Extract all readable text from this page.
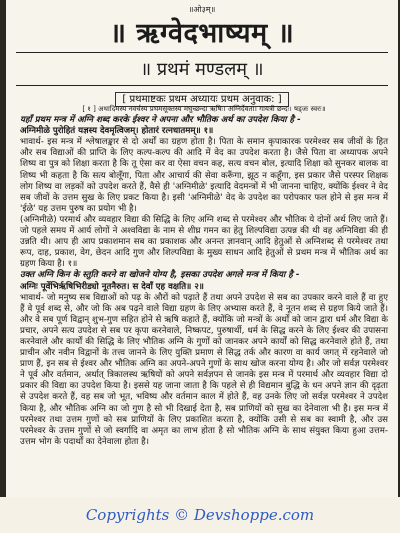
॥ओ३म्॥
॥ ऋग्वेदभाष्यम् ॥
॥ प्रथमं मण्डलम् ॥
[ प्रथमाष्टकः प्रथम अध्यायः प्रथम अनुवाक: ]

[ १ ] अथादिमस्य नवर्चस्य प्रथमसूक्तस्य मधुच्छन्दा ऋषिः। अग्निर्देवता। गायत्री छन्दः। षड्जः स्वरः॥

यहाँ प्रथम मन्त्र में अग्नि शब्द करके ईश्वर ने अपना और भौतिक अर्थ का उपदेश किया है -

अग्निमीळे पुरोहितं यज्ञस्य देवमृत्विजम्। होतारं रत्नधातमम्॥ १॥

भावार्थ- इस मन्त्र में श्लेषालङ्कार से दो अर्थों का ग्रहण होता है। पिता के समान कृपाकारक परमेश्वर सब जीवों के हित और सब विद्याओं की प्राप्ति के लिए कल्प-कल्प की आदि में वेद का उपदेश करता है। जैसे पिता वा अध्यापक अपने शिष्य वा पुत्र को शिक्षा करता है कि तू ऐसा कर वा ऐसा वचन कह, सत्य वचन बोल, इत्यादि शिक्षा को सुनकर बालक वा शिष्य भी कहता है कि सत्य बोलूँगा, पिता और आचार्य की सेवा करूँगा, झूठ न कहूँगा, इस प्रकार जैसे परस्पर शिक्षक लोग शिष्य वा लड़कों को उपदेश करते हैं, वैसे ही 'अग्निमीळे' इत्यादि वेदमन्त्रों में भी जानना चाहिए, क्योंकि ईश्वर ने वेद सब जीवों के उत्तम सुख के लिए प्रकट किया है। इसी 'अग्निमीळे' वेद के उपदेश का परोपकार फल होने से इस मन्त्र में 'ईळे' यह उत्तम पुरुष का प्रयोग भी है।

(अग्निमीळे) परमार्थ और व्यवहार विद्या की सिद्धि के लिए अग्नि शब्द से परमेश्वर और भौतिक ये दोनों अर्थ लिए जाते हैं। जो पहले समय में आर्य लोगों ने अश्वविद्या के नाम से शीघ्र गमन का हेतु शिल्पविद्या उत्पन्न की थी वह अग्निविद्या की ही उन्नति थी। आप ही आप प्रकाशमान सब का प्रकाशक और अनन्त ज्ञानवान् आदि हेतुओं से अग्निशब्द से परमेश्वर तथा रूप, दाह, प्रकाश, वेग, छेदन आदि गुण और शिल्पविद्या के मुख्य साधन आदि हेतुओं से प्रथम मन्त्र में भौतिक अर्थ का ग्रहण किया है। १॥

उक्त अग्नि किन के स्तुति करने वा खोजने योग्य है, इसका उपदेश अगले मन्त्र में किया है -

अग्निः पूर्वेभिर्ऋषिभिरीड्यो नूतनैरुत। स देवाँ एह वक्षति॥ २॥

भावार्थ- जो मनुष्य सब विद्याओं को पढ़ के औरों को पढ़ाते हैं तथा अपने उपदेश से सब का उपकार करने वाले हैं वा हुए हैं वे पूर्व शब्द से, और जो कि अब पढ़ने वाले विद्या ग्रहण के लिए अभ्यास करते हैं, वे नूतन शब्द से ग्रहण किये जाते हैं। और वे सब पूर्ण विद्वान् शुभ-गुण सहित होने से ऋषि कहाते हैं, क्योंकि जो मन्त्रों के अर्थों को जान द्वारा धर्म और विद्या के प्रचार, अपने सत्य उपदेश से सब पर कृपा करनेवाले, निष्कपट, पुरुषार्थी, धर्म के सिद्ध करने के लिए ईश्वर की उपासना करनेवाले और कार्यों की सिद्धि के लिए भौतिक अग्नि के गुणों को जानकर अपने कार्यों को सिद्ध करनेवाले होते हैं, तथा प्राचीन और नवीन विद्वानों के तत्त्व जानने के लिए युक्ति प्रमाण से सिद्ध तर्क और कारण वा कार्य जगत् में रहनेवाले जो प्राण हैं, इन सब से ईश्वर और भौतिक अग्नि का अपने-अपने गुणों के साथ खोज करना योग्य है। और जो सर्वज्ञ परमेश्वर ने पूर्व और वर्तमान, अर्थात् त्रिकालस्थ ऋषियों को अपने सर्वज्ञपन से जानके इस मन्त्र में परमार्थ और व्यवहार विद्या दो प्रकार की विद्या का उपदेश किया है। इससे यह जाना जाता है कि पहले से ही विद्यमान बुद्धि के धन अपने ज्ञान की दृढ़ता से उपदेश करते हैं, वह सब जो भूत, भविष्य और वर्तमान काल में होते हैं, वह उनके लिए जो सर्वज्ञ परमेश्वर ने उपदेश किया है, और भौतिक अग्नि का जो गुण है सो भी दिखाई देता है, सब प्राणियों को सुख का देनेवाला भी है। इस मन्त्र में परमेश्वर तथा उत्तम गुणों को सब प्राणियों के लिए प्रकाशित करता है, क्योंकि उसी से सब का स्वामी है, और उस परमेश्वर के उत्तम गुणों से जो स्वर्गादि वा अमृत का लाभ होता है सो भौतिक अग्नि के साथ संयुक्त किया हुआ उत्तम-उत्तम भोग के पदार्थों का देनेवाला होता है।

Copyrights © Devshoppe.com
